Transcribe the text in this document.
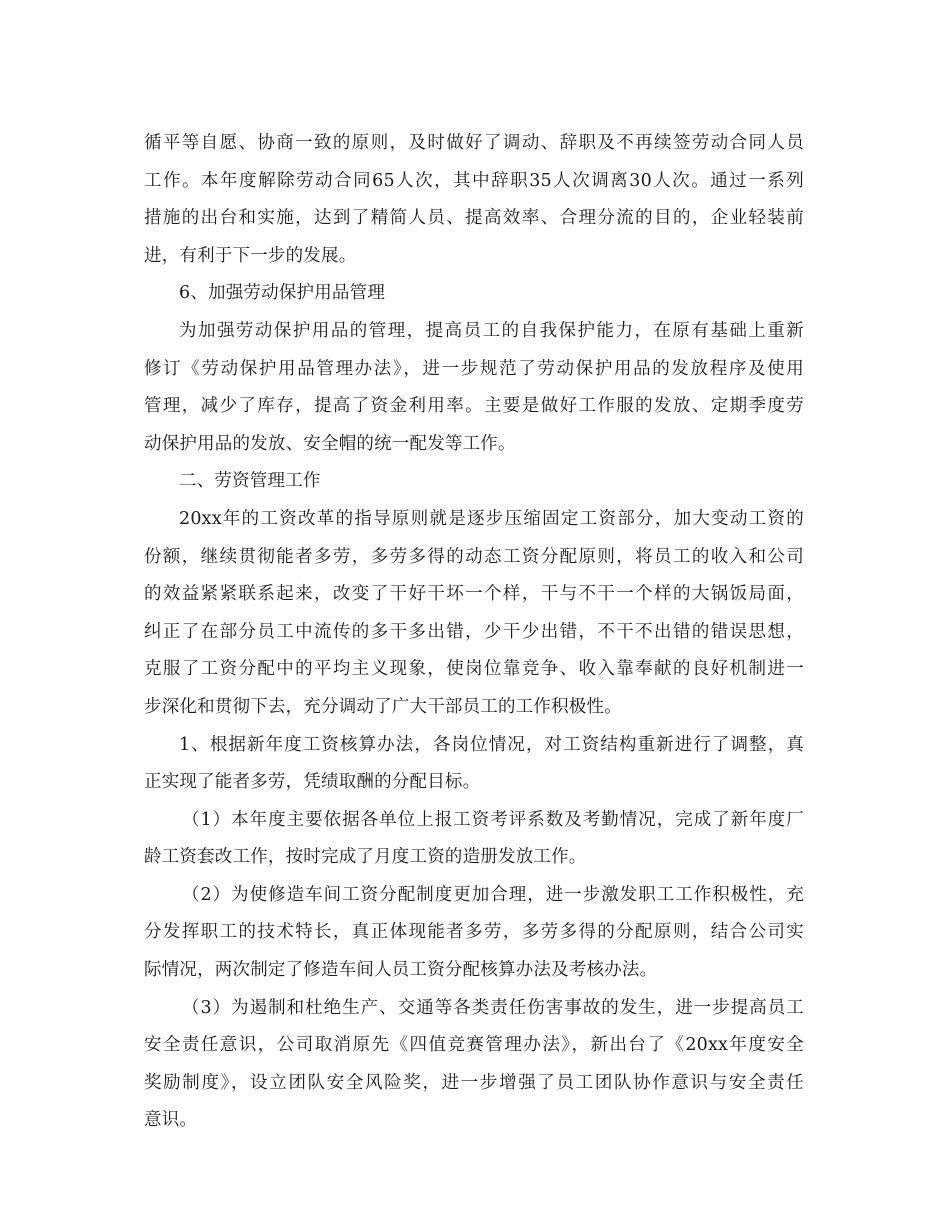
循平等自愿、协商一致的原则，及时做好了调动、辞职及不再续签劳动合同人员
工作。本年度解除劳动合同65人次，其中辞职35人次调离30人次。通过一系列
措施的出台和实施，达到了精简人员、提高效率、合理分流的目的，企业轻装前
进，有利于下一步的发展。

6、加强劳动保护用品管理

为加强劳动保护用品的管理，提高员工的自我保护能力，在原有基础上重新
修订《劳动保护用品管理办法》，进一步规范了劳动保护用品的发放程序及使用
管理，减少了库存，提高了资金利用率。主要是做好工作服的发放、定期季度劳
动保护用品的发放、安全帽的统一配发等工作。

二、劳资管理工作

20xx年的工资改革的指导原则就是逐步压缩固定工资部分，加大变动工资的
份额，继续贯彻能者多劳，多劳多得的动态工资分配原则，将员工的收入和公司
的效益紧紧联系起来，改变了干好干坏一个样，干与不干一个样的大锅饭局面，
纠正了在部分员工中流传的多干多出错，少干少出错，不干不出错的错误思想，
克服了工资分配中的平均主义现象，使岗位靠竞争、收入靠奉献的良好机制进一
步深化和贯彻下去，充分调动了广大干部员工的工作积极性。

1、根据新年度工资核算办法，各岗位情况，对工资结构重新进行了调整，真
正实现了能者多劳，凭绩取酬的分配目标。

（1）本年度主要依据各单位上报工资考评系数及考勤情况，完成了新年度厂
龄工资套改工作，按时完成了月度工资的造册发放工作。

（2）为使修造车间工资分配制度更加合理，进一步激发职工工作积极性，充
分发挥职工的技术特长，真正体现能者多劳，多劳多得的分配原则，结合公司实
际情况，两次制定了修造车间人员工资分配核算办法及考核办法。

（3）为遏制和杜绝生产、交通等各类责任伤害事故的发生，进一步提高员工
安全责任意识，公司取消原先《四值竞赛管理办法》，新出台了《20xx年度安全
奖励制度》，设立团队安全风险奖，进一步增强了员工团队协作意识与安全责任
意识。
